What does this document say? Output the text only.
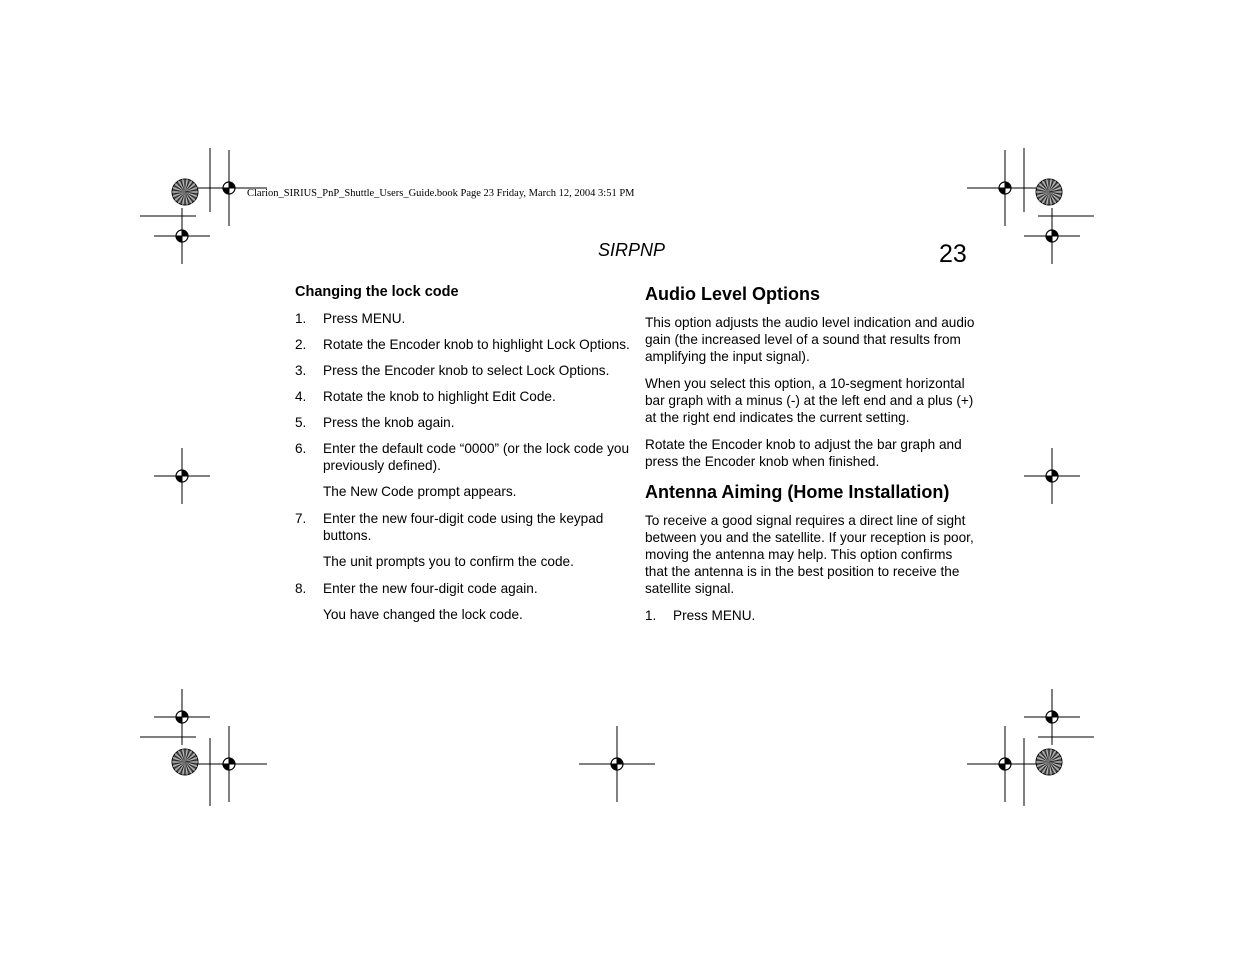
Clarion_SIRIUS_PnP_Shuttle_Users_Guide.book Page 23 Friday, March 12, 2004 3:51 PM
SIRPNP	23
Changing the lock code
1.	Press MENU.
2.	Rotate the Encoder knob to highlight Lock Options.
3.	Press the Encoder knob to select Lock Options.
4.	Rotate the knob to highlight Edit Code.
5.	Press the knob again.
6.	Enter the default code “0000” (or the lock code you previously defined).
The New Code prompt appears.
7.	Enter the new four-digit code using the keypad buttons.
The unit prompts you to confirm the code.
8.	Enter the new four-digit code again.
You have changed the lock code.
Audio Level Options
This option adjusts the audio level indication and audio gain (the increased level of a sound that results from amplifying the input signal).
When you select this option, a 10-segment horizontal bar graph with a minus (-) at the left end and a plus (+) at the right end indicates the current setting.
Rotate the Encoder knob to adjust the bar graph and press the Encoder knob when finished.
Antenna Aiming (Home Installation)
To receive a good signal requires a direct line of sight between you and the satellite. If your reception is poor, moving the antenna may help. This option confirms that the antenna is in the best position to receive the satellite signal.
1.	Press MENU.
